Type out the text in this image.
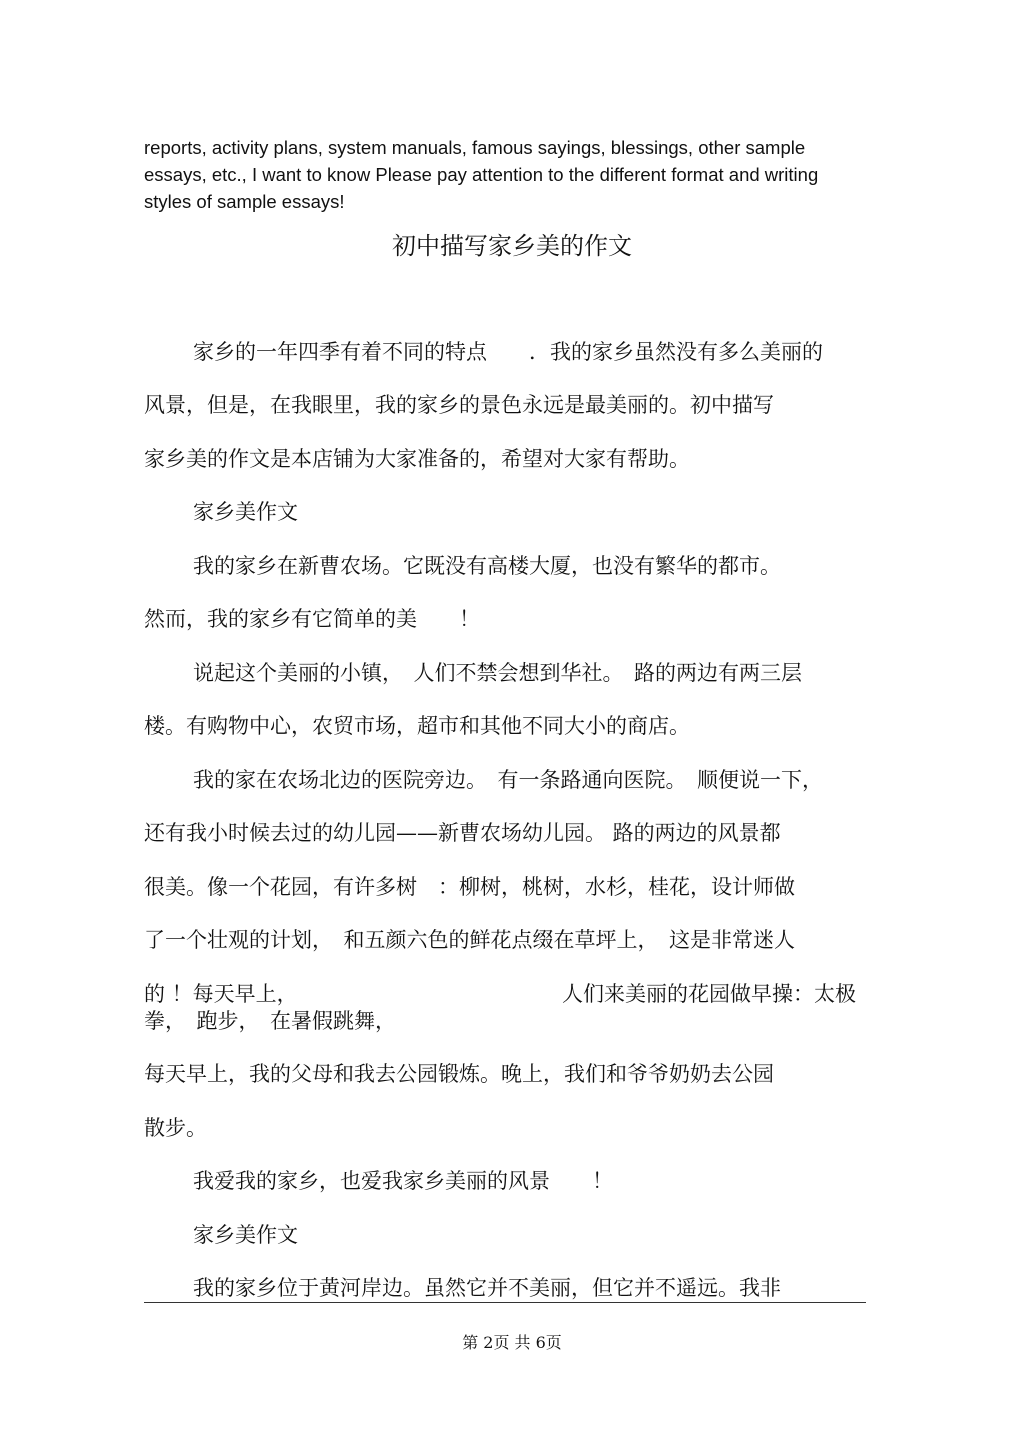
reports, activity plans, system manuals, famous sayings, blessings, other sample essays, etc., I want to know Please pay attention to the different format and writing styles of sample essays!

初中描写家乡美的作文

家乡的一年四季有着不同的特点　　．我的家乡虽然没有多么美丽的

风景，但是，在我眼里，我的家乡的景色永远是最美丽的。初中描写

家乡美的作文是本店铺为大家准备的，希望对大家有帮助。

家乡美作文

我的家乡在新曹农场。它既没有高楼大厦，也没有繁华的都市。

然而，我的家乡有它简单的美　　！

说起这个美丽的小镇，　人们不禁会想到华社。　路的两边有两三层

楼。有购物中心，农贸市场，超市和其他不同大小的商店。

我的家在农场北边的医院旁边。　有一条路通向医院。　顺便说一下，

还有我小时候去过的幼儿园——新曹农场幼儿园。 路的两边的风景都

很美。像一个花园，有许多树　：柳树，桃树，水杉，桂花，设计师做

了一个壮观的计划，　和五颜六色的鲜花点缀在草坪上，　这是非常迷人

的 ！每天早上，	人们来美丽的花园做早操：太极

拳，　跑步，　在暑假跳舞，

每天早上，我的父母和我去公园锻炼。晚上，我们和爷爷奶奶去公园

散步。

我爱我的家乡，也爱我家乡美丽的风景　　！

家乡美作文

我的家乡位于黄河岸边。虽然它并不美丽，但它并不遥远。我非

第 2页 共 6页
